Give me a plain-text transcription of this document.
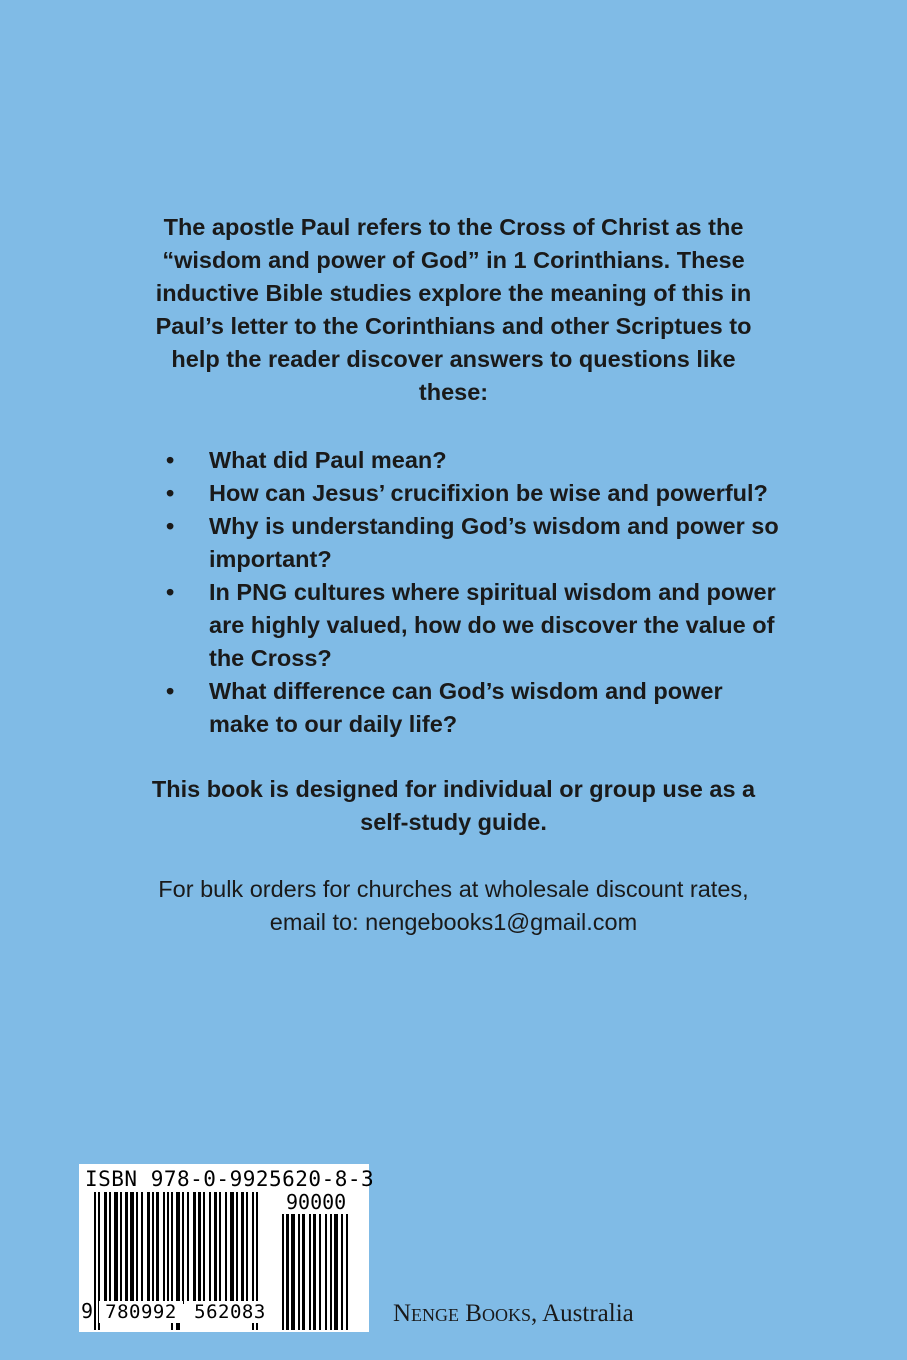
The apostle Paul refers to the Cross of Christ as the “wisdom and power of God” in 1 Corinthians. These inductive Bible studies explore the meaning of this in Paul’s letter to the Corinthians and other Scriptues to help the reader discover answers to questions like these:

• What did Paul mean?
• How can Jesus’ crucifixion be wise and powerful?
• Why is understanding God’s wisdom and power so important?
• In PNG cultures where spiritual wisdom and power are highly valued, how do we discover the value of the Cross?
• What difference can God’s wisdom and power make to our daily life?

This book is designed for individual or group use as a self-study guide.

For bulk orders for churches at wholesale discount rates,
email to: nengebooks1@gmail.com

ISBN 978-0-9925620-8-3
90000
9 780992 562083	Nenge Books, Australia
